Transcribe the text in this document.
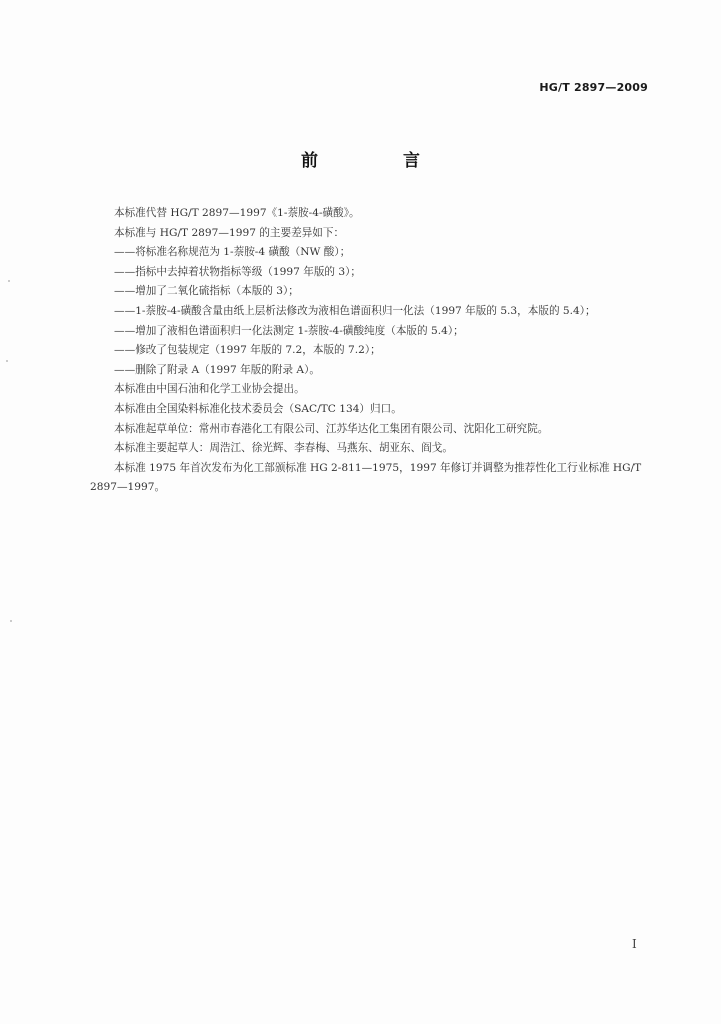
HG/T 2897—2009
前　言

本标准代替 HG/T 2897—1997《1-萘胺-4-磺酸》。

本标准与 HG/T 2897—1997 的主要差异如下：

——将标准名称规范为 1-萘胺-4 磺酸（NW 酸）；

——指标中去掉着状物指标等级（1997 年版的 3）；

——增加了二氧化硫指标（本版的 3）；

——1-萘胺-4-磺酸含量由纸上层析法修改为液相色谱面积归一化法（1997 年版的 5.3，本版的 5.4）；

——增加了液相色谱面积归一化法测定 1-萘胺-4-磺酸纯度（本版的 5.4）；

——修改了包装规定（1997 年版的 7.2，本版的 7.2）；

——删除了附录 A（1997 年版的附录 A）。

本标准由中国石油和化学工业协会提出。

本标准由全国染料标准化技术委员会（SAC/TC 134）归口。

本标准起草单位：常州市春港化工有限公司、江苏华达化工集团有限公司、沈阳化工研究院。

本标准主要起草人：周浩江、徐光辉、李春梅、马燕东、胡亚东、阎戈。

本标准 1975 年首次发布为化工部颁标准 HG 2-811—1975，1997 年修订并调整为推荐性化工行业标准 HG/T 2897—1997。

I
